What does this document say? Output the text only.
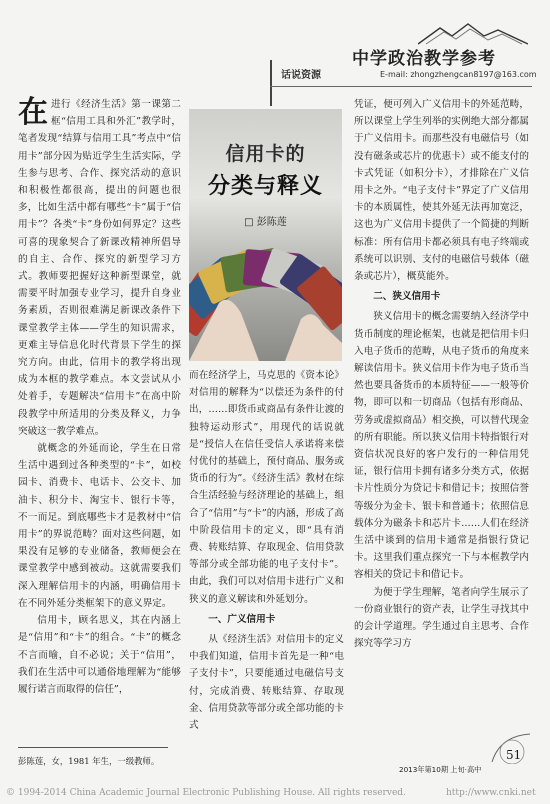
中学政治教学参考
话说资源	E-mail: zhongzhengcan8197@163.com

在进行《经济生活》第一课第二框“信用工具和外汇”教学时，笔者发现“结算与信用工具”考点中“信用卡”部分因为贴近学生生活实际，学生参与思考、合作、探究活动的意识和积极性都很高，提出的问题也很多，比如生活中都有哪些“卡”属于“信用卡”？各类“卡”身份如何界定？这些可喜的现象契合了新课改精神所倡导的自主、合作、探究的新型学习方式。教师要把握好这种新型课堂，就需要平时加强专业学习，提升自身业务素质，否则很难满足新课改条件下课堂教学主体——学生的知识需求，更难主导信息化时代背景下学生的探究方向。由此，信用卡的教学将出现成为本框的教学难点。本文尝试从小处着手，专题解决“信用卡”在高中阶段教学中所适用的分类及释义，力争突破这一教学难点。

就概念的外延而论，学生在日常生活中遇到过各种类型的“卡”，如校园卡、消费卡、电话卡、公交卡、加油卡、积分卡、淘宝卡、银行卡等，不一而足。到底哪些卡才是教材中“信用卡”的界说范畴？面对这些问题，如果没有足够的专业储备，教师便会在课堂教学中感到被动。这就需要我们深入理解信用卡的内涵，明确信用卡在不同外延分类框架下的意义界定。

信用卡，顾名思义，其在内涵上是“信用”和“卡”的组合。“卡”的概念不言而喻，自不必说；关于“信用”，我们在生活中可以通俗地理解为“能够履行诺言而取得的信任”，

信用卡的
分类与释义
□ 彭陈莲

而在经济学上，马克思的《资本论》对信用的解释为“以偿还为条件的付出，……即货币或商品有条件让渡的独特运动形式”，用现代的话说就是“授信人在信任受信人承诺将来偿付优付的基础上，预付商品、服务或货币的行为”。《经济生活》教材在综合生活经验与经济理论的基础上，组合了“信用”与“卡”的内涵，形成了高中阶段信用卡的定义，即“具有消费、转账结算、存取现金、信用贷款等部分或全部功能的电子支付卡”。由此，我们可以对信用卡进行广义和狭义的意义解读和外延划分。

一、广义信用卡

从《经济生活》对信用卡的定义中我们知道，信用卡首先是一种“电子支付卡”，只要能通过电磁信号支付，完成消费、转账结算、存取现金、信用贷款等部分或全部功能的卡式

凭证，便可列入广义信用卡的外延范畴，所以课堂上学生列举的实例绝大部分都属于广义信用卡。而那些没有电磁信号（如没有磁条或芯片的优惠卡）或不能支付的卡式凭证（如积分卡），才排除在广义信用卡之外。“电子支付卡”界定了广义信用卡的本质属性，使其外延无法再加宽泛，这也为广义信用卡提供了一个简捷的判断标准：所有信用卡都必须具有电子终端或系统可以识别、支付的电磁信号载体（磁条或芯片），概莫能外。

二、狭义信用卡

狭义信用卡的概念需要纳入经济学中货币制度的理论框架，也就是把信用卡归入电子货币的范畴，从电子货币的角度来解读信用卡。狭义信用卡作为电子货币当然也要具备货币的本质特征——一般等价物，即可以和一切商品（包括有形商品、劳务或虚拟商品）相交换，可以替代现金的所有职能。所以狭义信用卡特指银行对资信状况良好的客户发行的一种信用凭证，银行信用卡拥有诸多分类方式，依据卡片性质分为贷记卡和借记卡；按照信誉等级分为金卡、银卡和普通卡；依照信息载体分为磁条卡和芯片卡……人们在经济生活中谈到的信用卡通常是指银行贷记卡。这里我们重点探究一下与本框教学内容相关的贷记卡和借记卡。

为便于学生理解，笔者向学生展示了一份商业银行的资产表，让学生寻找其中的会计学道理。学生通过自主思考、合作探究等学习方

彭陈莲，女，1981 年生，一级教师。	51
2013年第10期 上旬·高中
© 1994-2014 China Academic Journal Electronic Publishing House. All rights reserved.	http://www.cnki.net
